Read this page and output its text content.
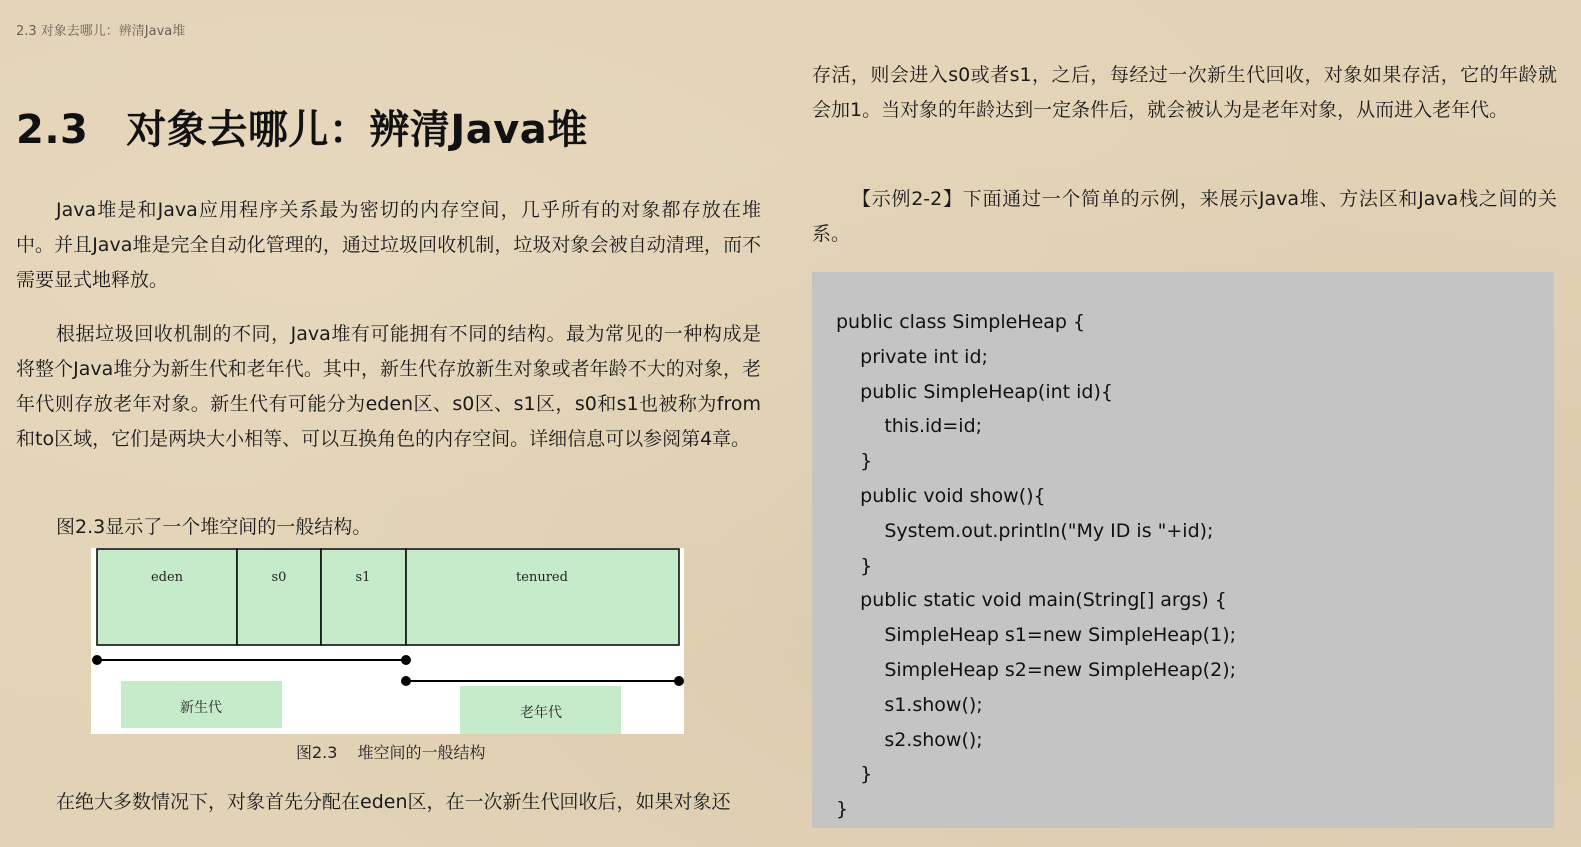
2.3 对象去哪儿：辨清Java堆
2.3 对象去哪儿：辨清Java堆

Java堆是和Java应用程序关系最为密切的内存空间，几乎所有的对象都存放在堆中。并且Java堆是完全自动化管理的，通过垃圾回收机制，垃圾对象会被自动清理，而不需要显式地释放。

根据垃圾回收机制的不同，Java堆有可能拥有不同的结构。最为常见的一种构成是将整个Java堆分为新生代和老年代。其中，新生代存放新生对象或者年龄不大的对象，老年代则存放老年对象。新生代有可能分为eden区、s0区、s1区，s0和s1也被称为from和to区域，它们是两块大小相等、可以互换角色的内存空间。详细信息可以参阅第4章。

图2.3显示了一个堆空间的一般结构。

eden	s0	s1	tenured
新生代	老年代
图2.3 堆空间的一般结构

在绝大多数情况下，对象首先分配在eden区，在一次新生代回收后，如果对象还

存活，则会进入s0或者s1，之后，每经过一次新生代回收，对象如果存活，它的年龄就会加1。当对象的年龄达到一定条件后，就会被认为是老年对象，从而进入老年代。

【示例2-2】下面通过一个简单的示例，来展示Java堆、方法区和Java栈之间的关系。

public class SimpleHeap {
private int id;
public SimpleHeap(int id){
this.id=id;
}
public void show(){
System.out.println("My ID is "+id);
}
public static void main(String[] args) {
SimpleHeap s1=new SimpleHeap(1);
SimpleHeap s2=new SimpleHeap(2);
s1.show();
s2.show();
}
}
